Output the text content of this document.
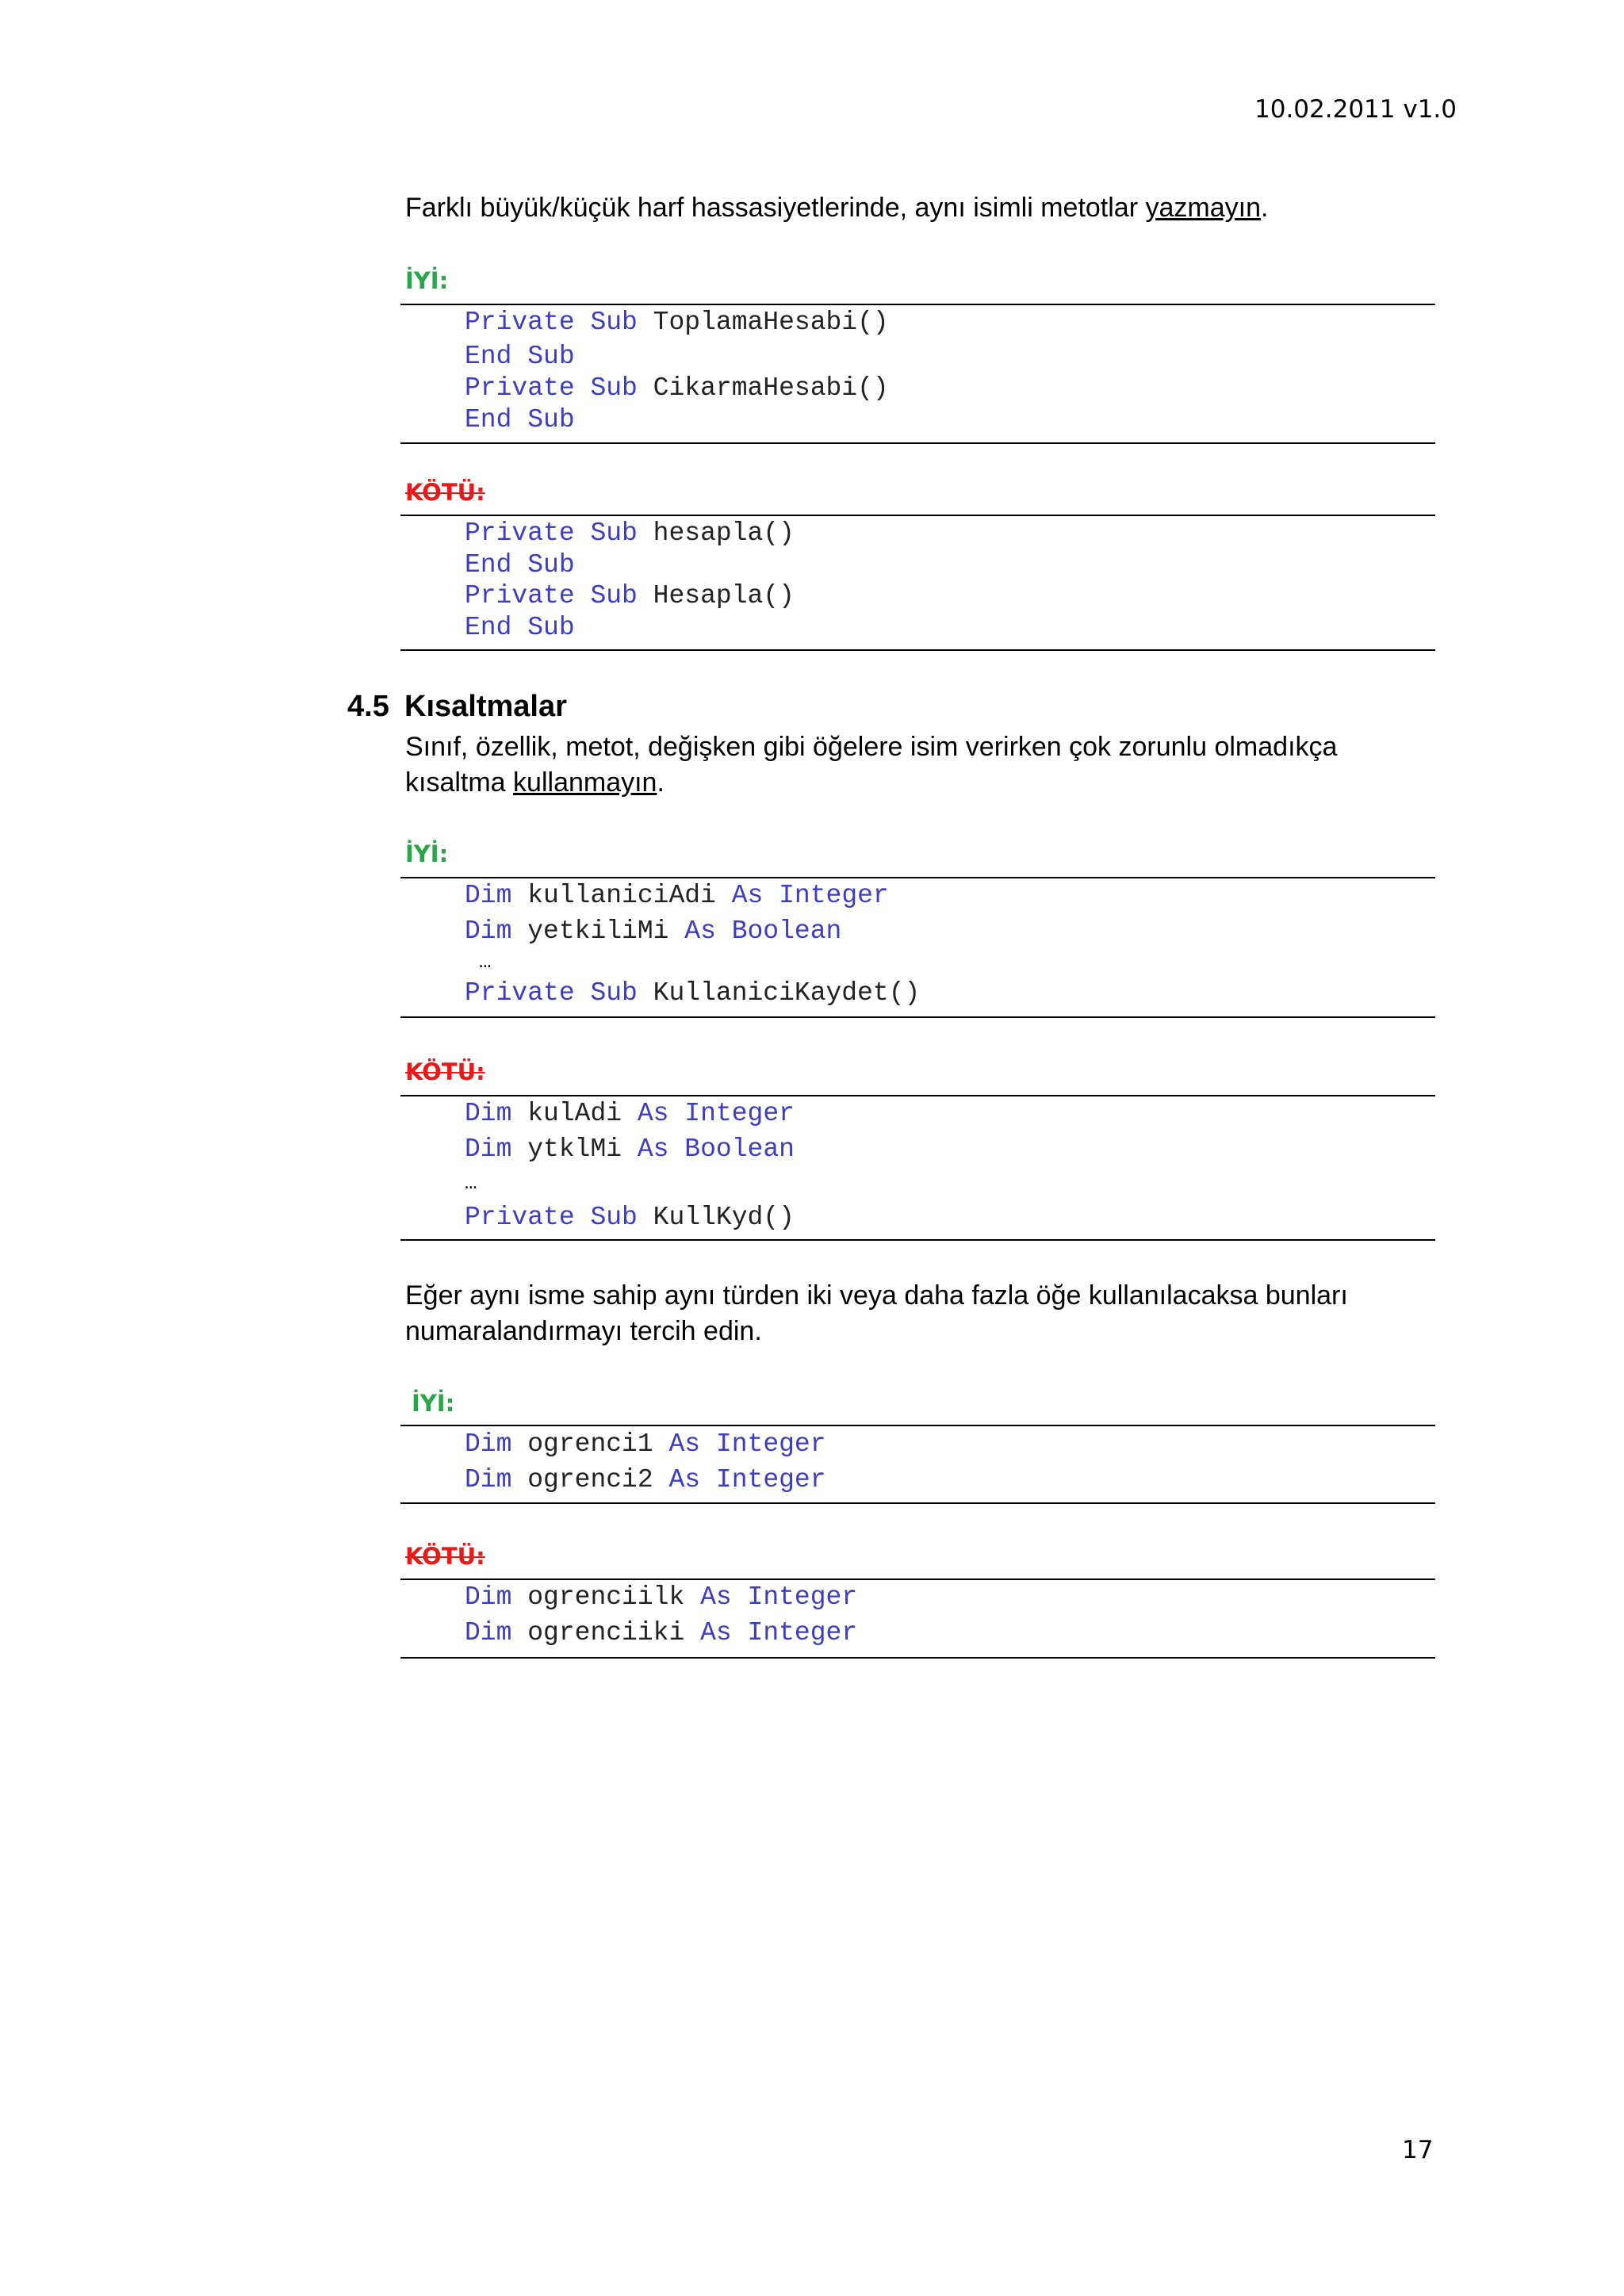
10.02.2011 v1.0
Farklı büyük/küçük harf hassasiyetlerinde, aynı isimli metotlar yazmayın.
İYİ:
Private Sub ToplamaHesabi()
End Sub
Private Sub CikarmaHesabi()
End Sub
KÖTÜ:
Private Sub hesapla()
End Sub
Private Sub Hesapla()
End Sub
4.5 Kısaltmalar
Sınıf, özellik, metot, değişken gibi öğelere isim verirken çok zorunlu olmadıkça
kısaltma kullanmayın.
İYİ:
Dim kullaniciAdi As Integer
Dim yetkiliMi As Boolean
…
Private Sub KullaniciKaydet()
KÖTÜ:
Dim kulAdi As Integer
Dim ytklMi As Boolean
…
Private Sub KullKyd()
Eğer aynı isme sahip aynı türden iki veya daha fazla öğe kullanılacaksa bunları
numaralandırmayı tercih edin.
İYİ:
Dim ogrenci1 As Integer
Dim ogrenci2 As Integer
KÖTÜ:
Dim ogrenciilk As Integer
Dim ogrenciiki As Integer
17
